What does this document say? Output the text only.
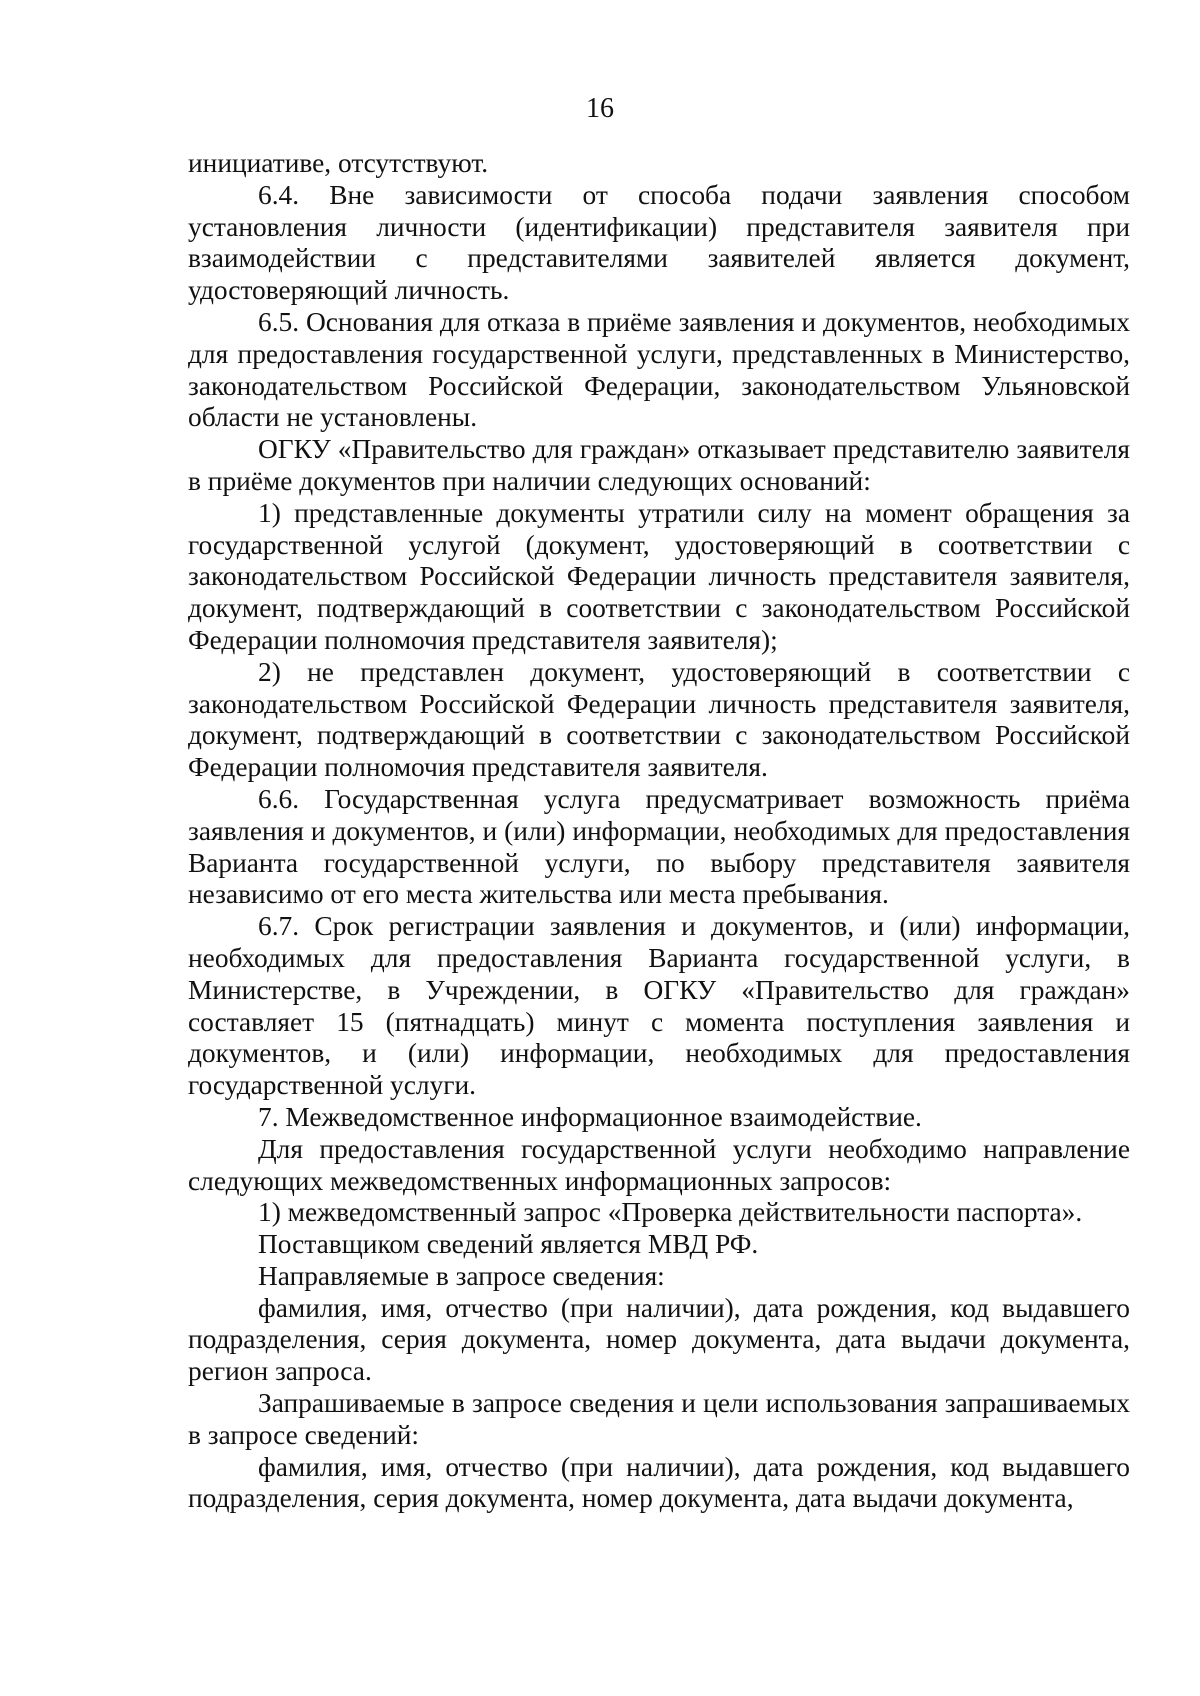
16

инициативе, отсутствуют.

6.4. Вне зависимости от способа подачи заявления способом установления личности (идентификации) представителя заявителя при взаимодействии с представителями заявителей является документ, удостоверяющий личность.

6.5. Основания для отказа в приёме заявления и документов, необходимых для предоставления государственной услуги, представленных в Министерство, законодательством Российской Федерации, законодательством Ульяновской области не установлены.

ОГКУ «Правительство для граждан» отказывает представителю заявителя в приёме документов при наличии следующих оснований:

1) представленные документы утратили силу на момент обращения за государственной услугой (документ, удостоверяющий в соответствии с законодательством Российской Федерации личность представителя заявителя, документ, подтверждающий в соответствии с законодательством Российской Федерации полномочия представителя заявителя);

2) не представлен документ, удостоверяющий в соответствии с законодательством Российской Федерации личность представителя заявителя, документ, подтверждающий в соответствии с законодательством Российской Федерации полномочия представителя заявителя.

6.6. Государственная услуга предусматривает возможность приёма заявления и документов, и (или) информации, необходимых для предоставления Варианта государственной услуги, по выбору представителя заявителя независимо от его места жительства или места пребывания.

6.7. Срок регистрации заявления и документов, и (или) информации, необходимых для предоставления Варианта государственной услуги, в Министерстве, в Учреждении, в ОГКУ «Правительство для граждан» составляет 15 (пятнадцать) минут с момента поступления заявления и документов, и (или) информации, необходимых для предоставления государственной услуги.

7. Межведомственное информационное взаимодействие.

Для предоставления государственной услуги необходимо направление следующих межведомственных информационных запросов:

1) межведомственный запрос «Проверка действительности паспорта».

Поставщиком сведений является МВД РФ.

Направляемые в запросе сведения:

фамилия, имя, отчество (при наличии), дата рождения, код выдавшего подразделения, серия документа, номер документа, дата выдачи документа, регион запроса.

Запрашиваемые в запросе сведения и цели использования запрашиваемых в запросе сведений:

фамилия, имя, отчество (при наличии), дата рождения, код выдавшего подразделения, серия документа, номер документа, дата выдачи документа,
